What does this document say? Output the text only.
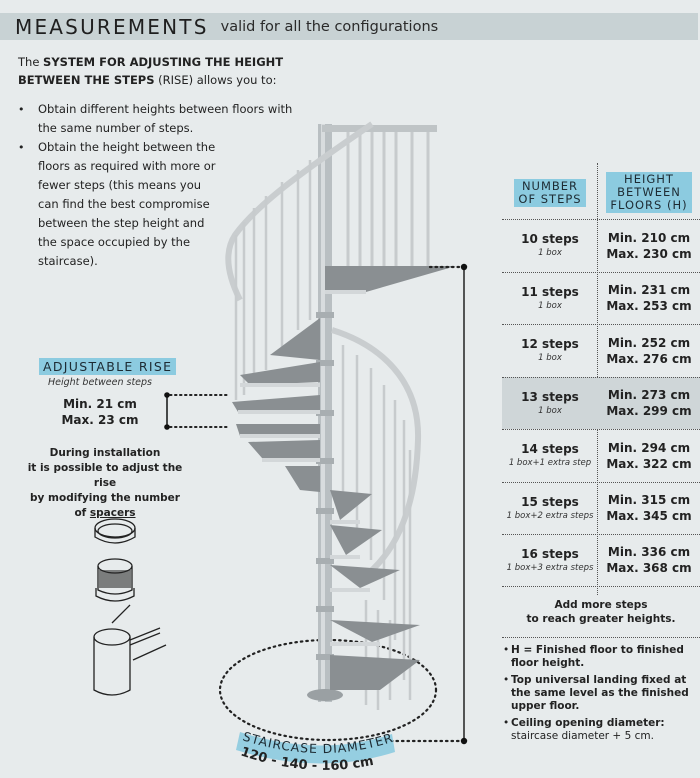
MEASUREMENTS valid for all the configurations
STAIRCASE DIAMETER
120 - 140 - 160 cm
The SYSTEM FOR ADJUSTING THE HEIGHT BETWEEN THE STEPS (RISE) allows you to:
• Obtain different heights between floors with the same number of steps.
• Obtain the height between the floors as required with more or fewer steps (this means you can find the best compromise between the step height and the space occupied by the staircase).
ADJUSTABLE RISE
Height between steps
Min. 21 cm
Max. 23 cm
During installation
it is possible to adjust the rise
by modifying the number
of spacers
NUMBER
OF STEPS
HEIGHT
BETWEEN
FLOORS (H)
10 steps
1 box
Min. 210 cm
Max. 230 cm
11 steps
1 box
Min. 231 cm
Max. 253 cm
12 steps
1 box
Min. 252 cm
Max. 276 cm
13 steps
1 box
Min. 273 cm
Max. 299 cm
14 steps
1 box+1 extra step
Min. 294 cm
Max. 322 cm
15 steps
1 box+2 extra steps
Min. 315 cm
Max. 345 cm
16 steps
1 box+3 extra steps
Min. 336 cm
Max. 368 cm
Add more steps
to reach greater heights.
• H = Finished floor to finished floor height.
• Top universal landing fixed at the same level as the finished upper floor.
• Ceiling opening diameter: staircase diameter + 5 cm.
